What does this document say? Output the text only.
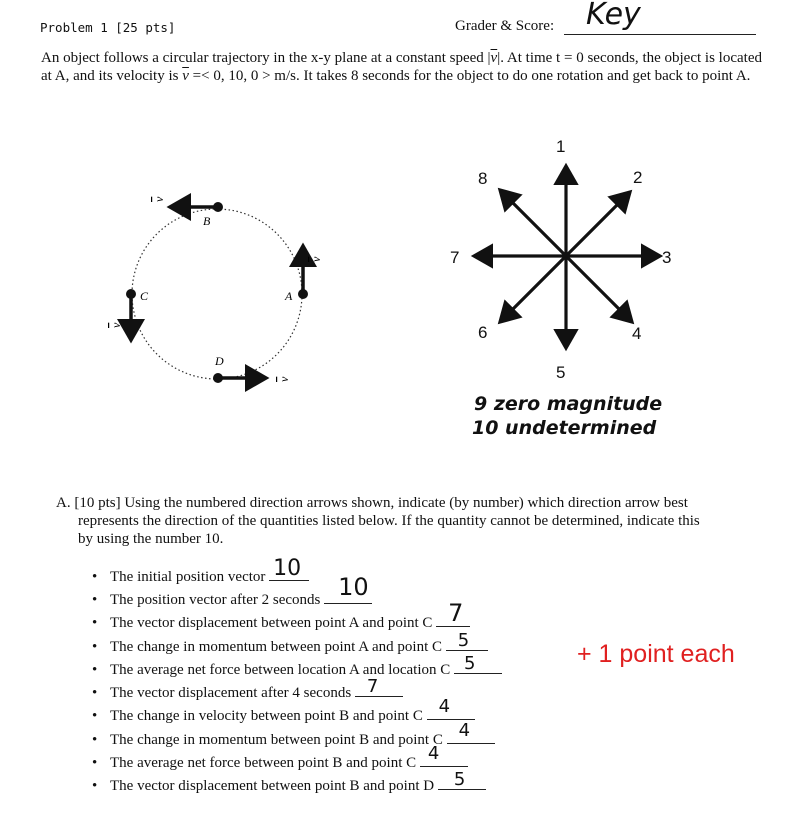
Problem 1 [25 pts]	Grader & Score: Key
An object follows a circular trajectory in the x-y plane at a constant speed $|\overline{v}|$. At time t = 0 seconds, the object is located at A, and its velocity is $\overline{v} =< 0$, 10, 0 > m/s. It takes 8 seconds for the object to do one rotation and get back to point A.
A
B
C
D
v
v
v
v
1
2
3
4
5
6
7
8
9 zero magnitude
10 undetermined
A. [10 pts] Using the numbered direction arrows shown, indicate (by number) which direction arrow best
represents the direction of the quantities listed below. If the quantity cannot be determined, indicate this
by using the number 10.
• The initial position vector 10
• The position vector after 2 seconds 10
• The vector displacement between point A and point C 7
• The change in momentum between point A and point C 5
• The average net force between location A and location C 5
• The vector displacement after 4 seconds 7
• The change in velocity between point B and point C 4
• The change in momentum between point B and point C 4
• The average net force between point B and point C 4
• The vector displacement between point B and point D 5
+ 1 point each
